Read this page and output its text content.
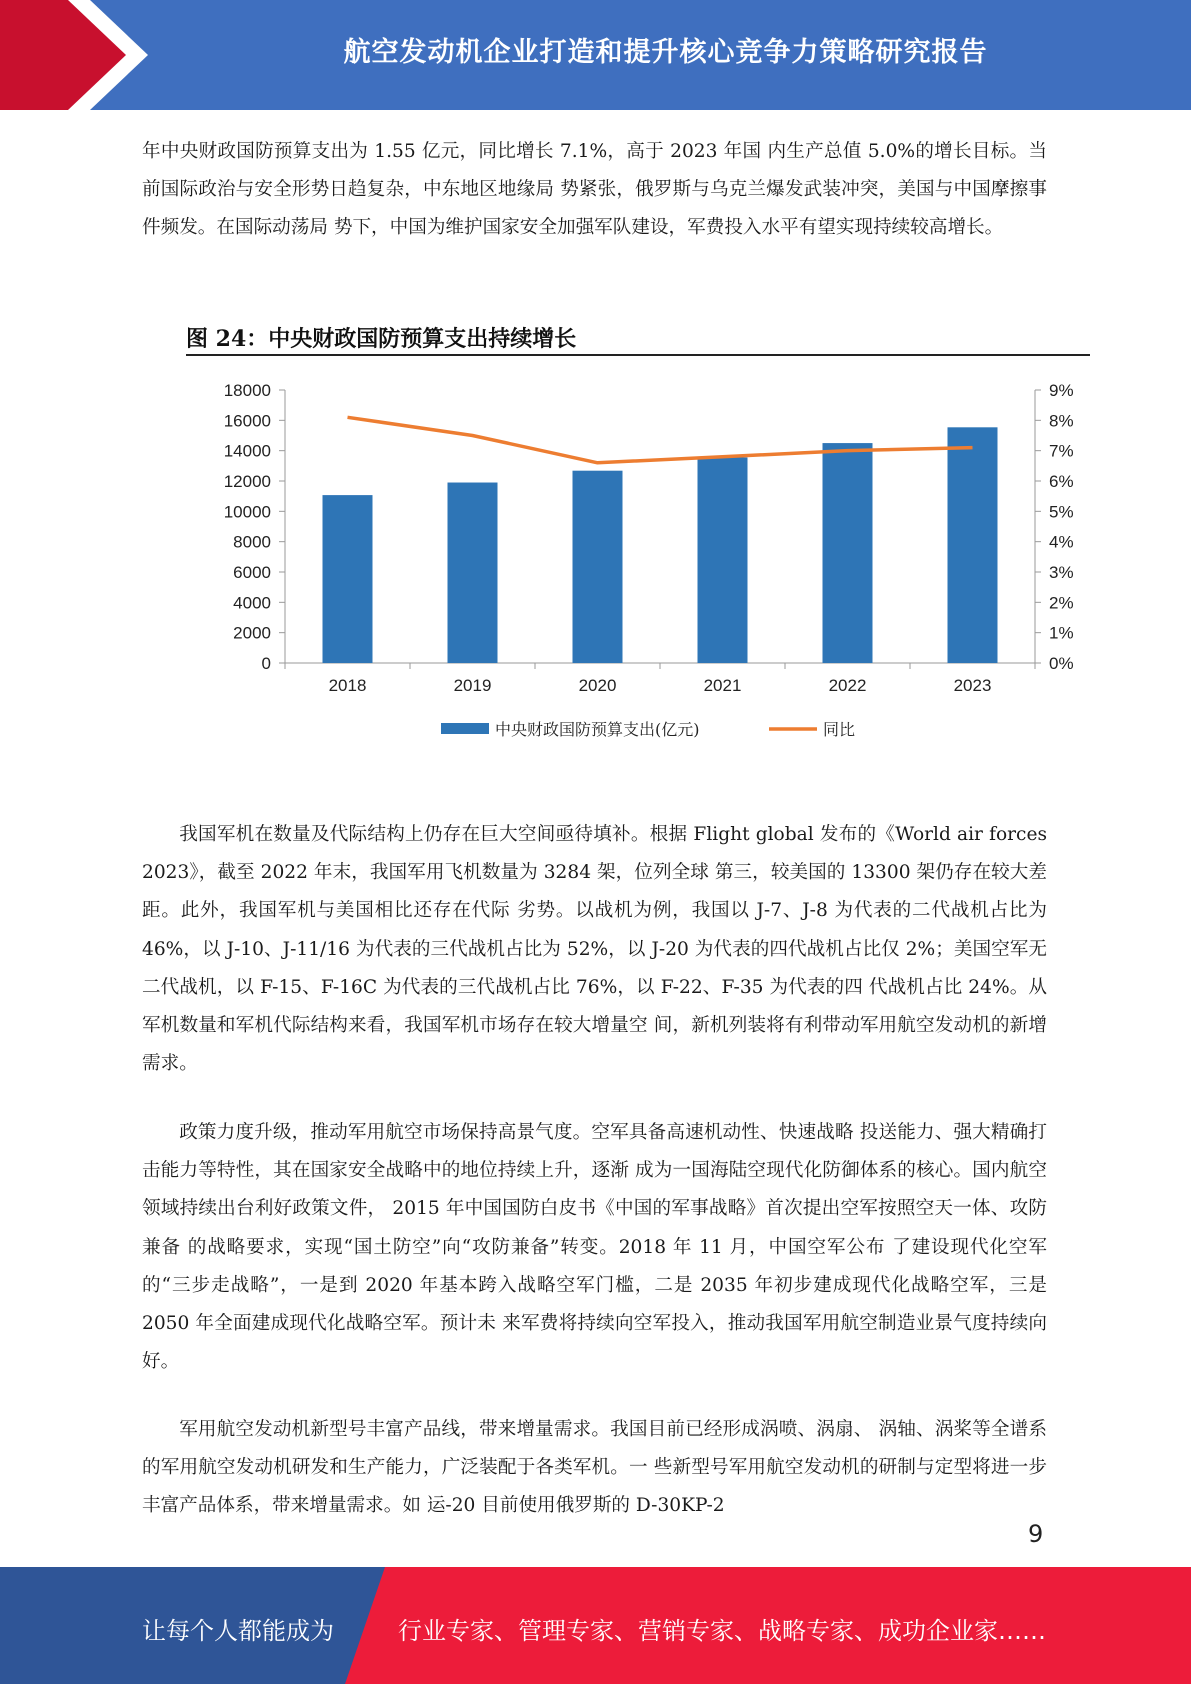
航空发动机企业打造和提升核心竞争力策略研究报告

年中央财政国防预算支出为 1.55 亿元，同比增长 7.1%，高于 2023 年国 内生产总值 5.0%的增长目标。当前国际政治与安全形势日趋复杂，中东地区地缘局 势紧张，俄罗斯与乌克兰爆发武装冲突，美国与中国摩擦事件频发。在国际动荡局 势下，中国为维护国家安全加强军队建设，军费投入水平有望实现持续较高增长。

图 24：中央财政国防预算支出持续增长
0
2000
4000
6000
8000
10000
12000
14000
16000
18000
0%
1%
2%
3%
4%
5%
6%
7%
8%
9%
2018	2019	2020	2021	2022	2023
中央财政国防预算支出(亿元)	同比

我国军机在数量及代际结构上仍存在巨大空间亟待填补。根据 Flight global 发布的《World air forces 2023》，截至 2022 年末，我国军用飞机数量为 3284 架，位列全球 第三，较美国的 13300 架仍存在较大差距。此外，我国军机与美国相比还存在代际 劣势。以战机为例，我国以 J-7、J-8 为代表的二代战机占比为 46%，以 J-10、J-11/16 为代表的三代战机占比为 52%，以 J-20 为代表的四代战机占比仅 2%；美国空军无 二代战机，以 F-15、F-16C 为代表的三代战机占比 76%，以 F-22、F-35 为代表的四 代战机占比 24%。从军机数量和军机代际结构来看，我国军机市场存在较大增量空 间，新机列装将有利带动军用航空发动机的新增需求。

政策力度升级，推动军用航空市场保持高景气度。空军具备高速机动性、快速战略 投送能力、强大精确打击能力等特性，其在国家安全战略中的地位持续上升，逐渐 成为一国海陆空现代化防御体系的核心。国内航空领域持续出台利好政策文件， 2015 年中国国防白皮书《中国的军事战略》首次提出空军按照空天一体、攻防兼备 的战略要求，实现“国土防空”向“攻防兼备”转变。2018 年 11 月，中国空军公布 了建设现代化空军的“三步走战略”，一是到 2020 年基本跨入战略空军门槛，二是 2035 年初步建成现代化战略空军，三是 2050 年全面建成现代化战略空军。预计未 来军费将持续向空军投入，推动我国军用航空制造业景气度持续向好。

军用航空发动机新型号丰富产品线，带来增量需求。我国目前已经形成涡喷、涡扇、 涡轴、涡桨等全谱系的军用航空发动机研发和生产能力，广泛装配于各类军机。一 些新型号军用航空发动机的研制与定型将进一步丰富产品体系，带来增量需求。如 运-20 目前使用俄罗斯的 D-30KP-2

9
让每个人都能成为	行业专家、管理专家、营销专家、战略专家、成功企业家……
